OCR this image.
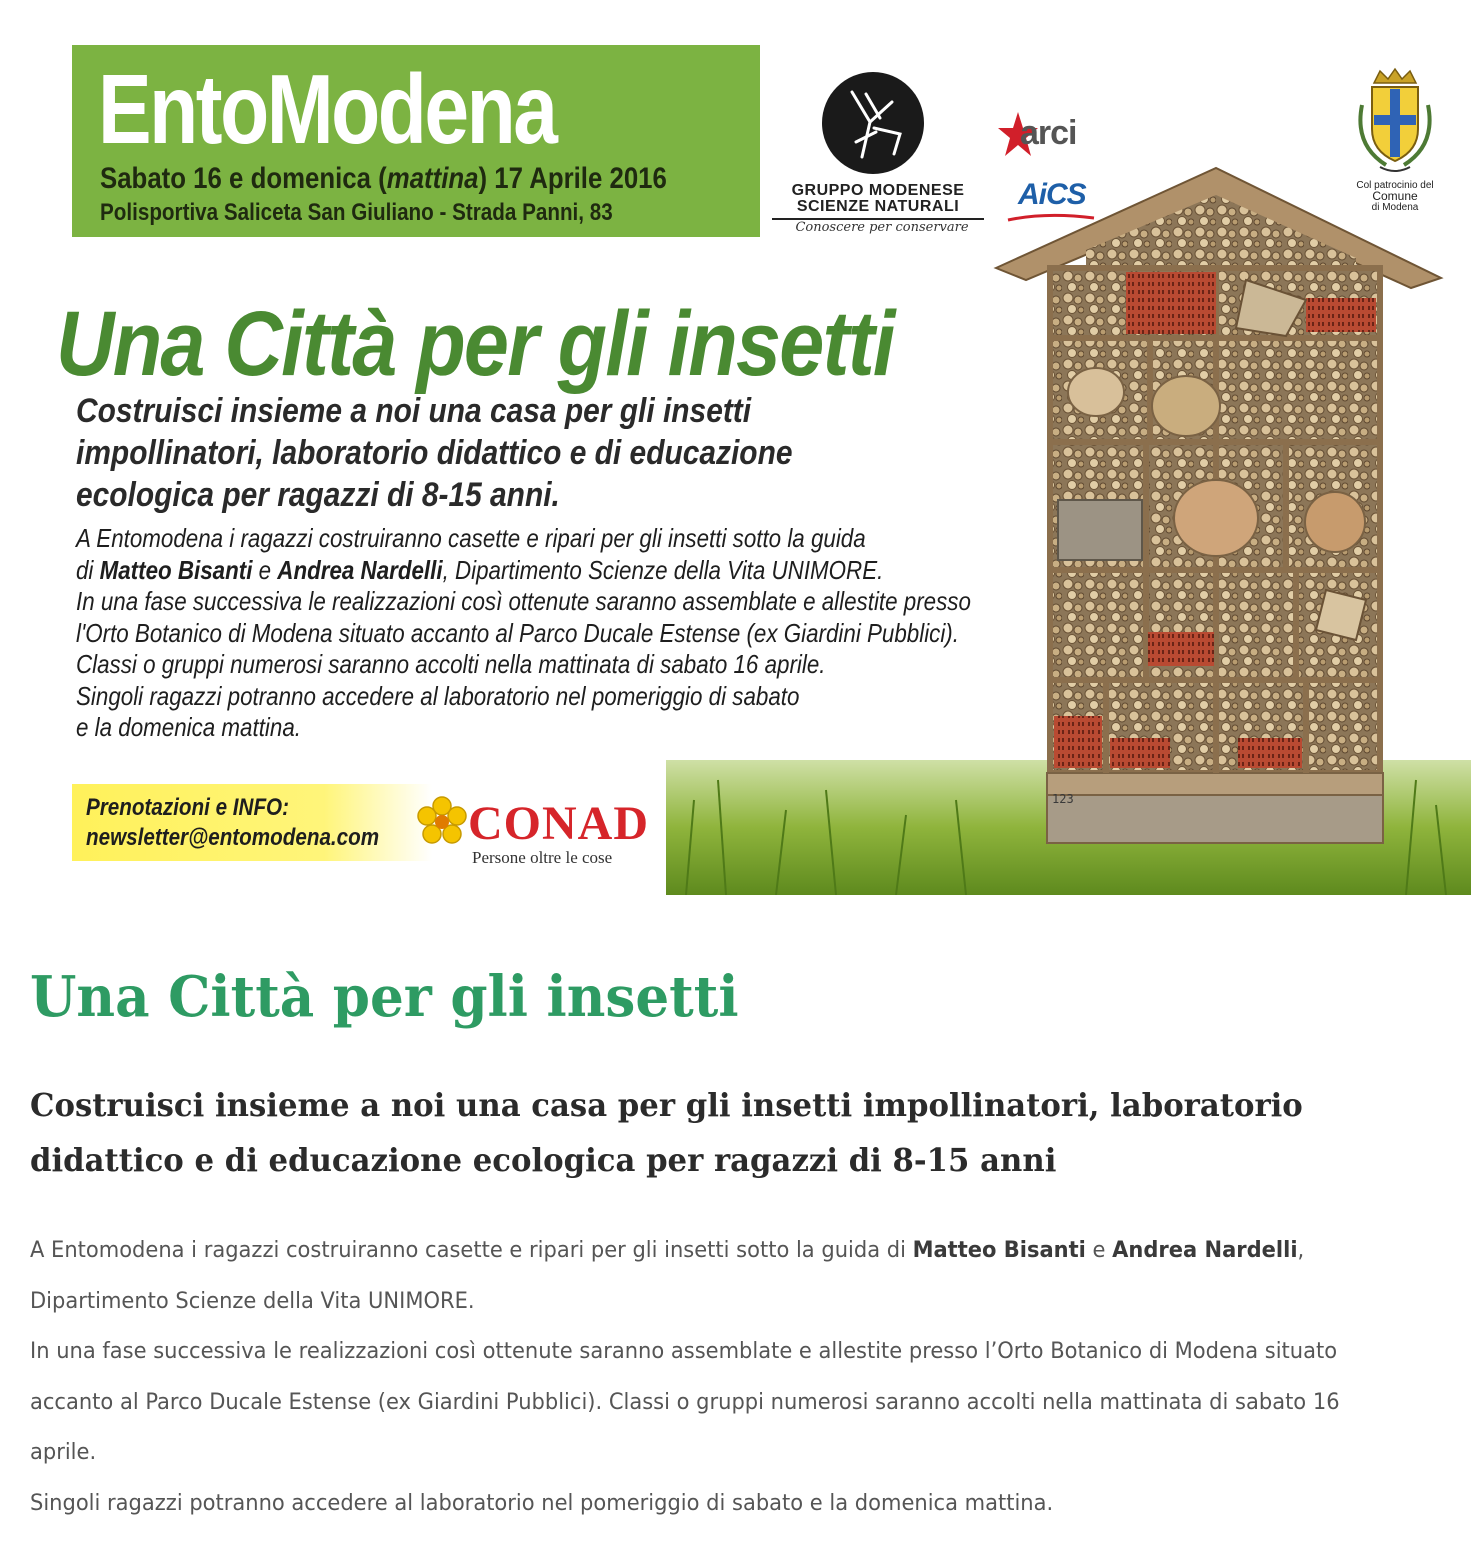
EntoModena
Sabato 16 e domenica (mattina) 17 Aprile 2016
Polisportiva Saliceta San Giuliano - Strada Panni, 83
GRUPPO MODENESE
SCIENZE NATURALI
Conoscere per conservare
arci
AiCS	Col patrocinio del
Comune
di Modena
Una Città per gli insetti
Costruisci insieme a noi una casa per gli insetti impollinatori, laboratorio didattico e di educazione ecologica per ragazzi di 8-15 anni.

A Entomodena i ragazzi costruiranno casette e ripari per gli insetti sotto la guida

di Matteo Bisanti e Andrea Nardelli, Dipartimento Scienze della Vita UNIMORE.

In una fase successiva le realizzazioni così ottenute saranno assemblate e allestite presso

l'Orto Botanico di Modena situato accanto al Parco Ducale Estense (ex Giardini Pubblici).

Classi o gruppi numerosi saranno accolti nella mattinata di sabato 16 aprile.

Singoli ragazzi potranno accedere al laboratorio nel pomeriggio di sabato

e la domenica mattina.

123
Prenotazioni e INFO:
newsletter@entomodena.com CONAD
Persone oltre le cose
Una Città per gli insetti
Costruisci insieme a noi una casa per gli insetti impollinatori, laboratorio didattico e di educazione ecologica per ragazzi di 8-15 anni

A Entomodena i ragazzi costruiranno casette e ripari per gli insetti sotto la guida di Matteo Bisanti e Andrea Nardelli, Dipartimento Scienze della Vita UNIMORE.

In una fase successiva le realizzazioni così ottenute saranno assemblate e allestite presso l’Orto Botanico di Modena situato accanto al Parco Ducale Estense (ex Giardini Pubblici). Classi o gruppi numerosi saranno accolti nella mattinata di sabato 16 aprile.

Singoli ragazzi potranno accedere al laboratorio nel pomeriggio di sabato e la domenica mattina.
